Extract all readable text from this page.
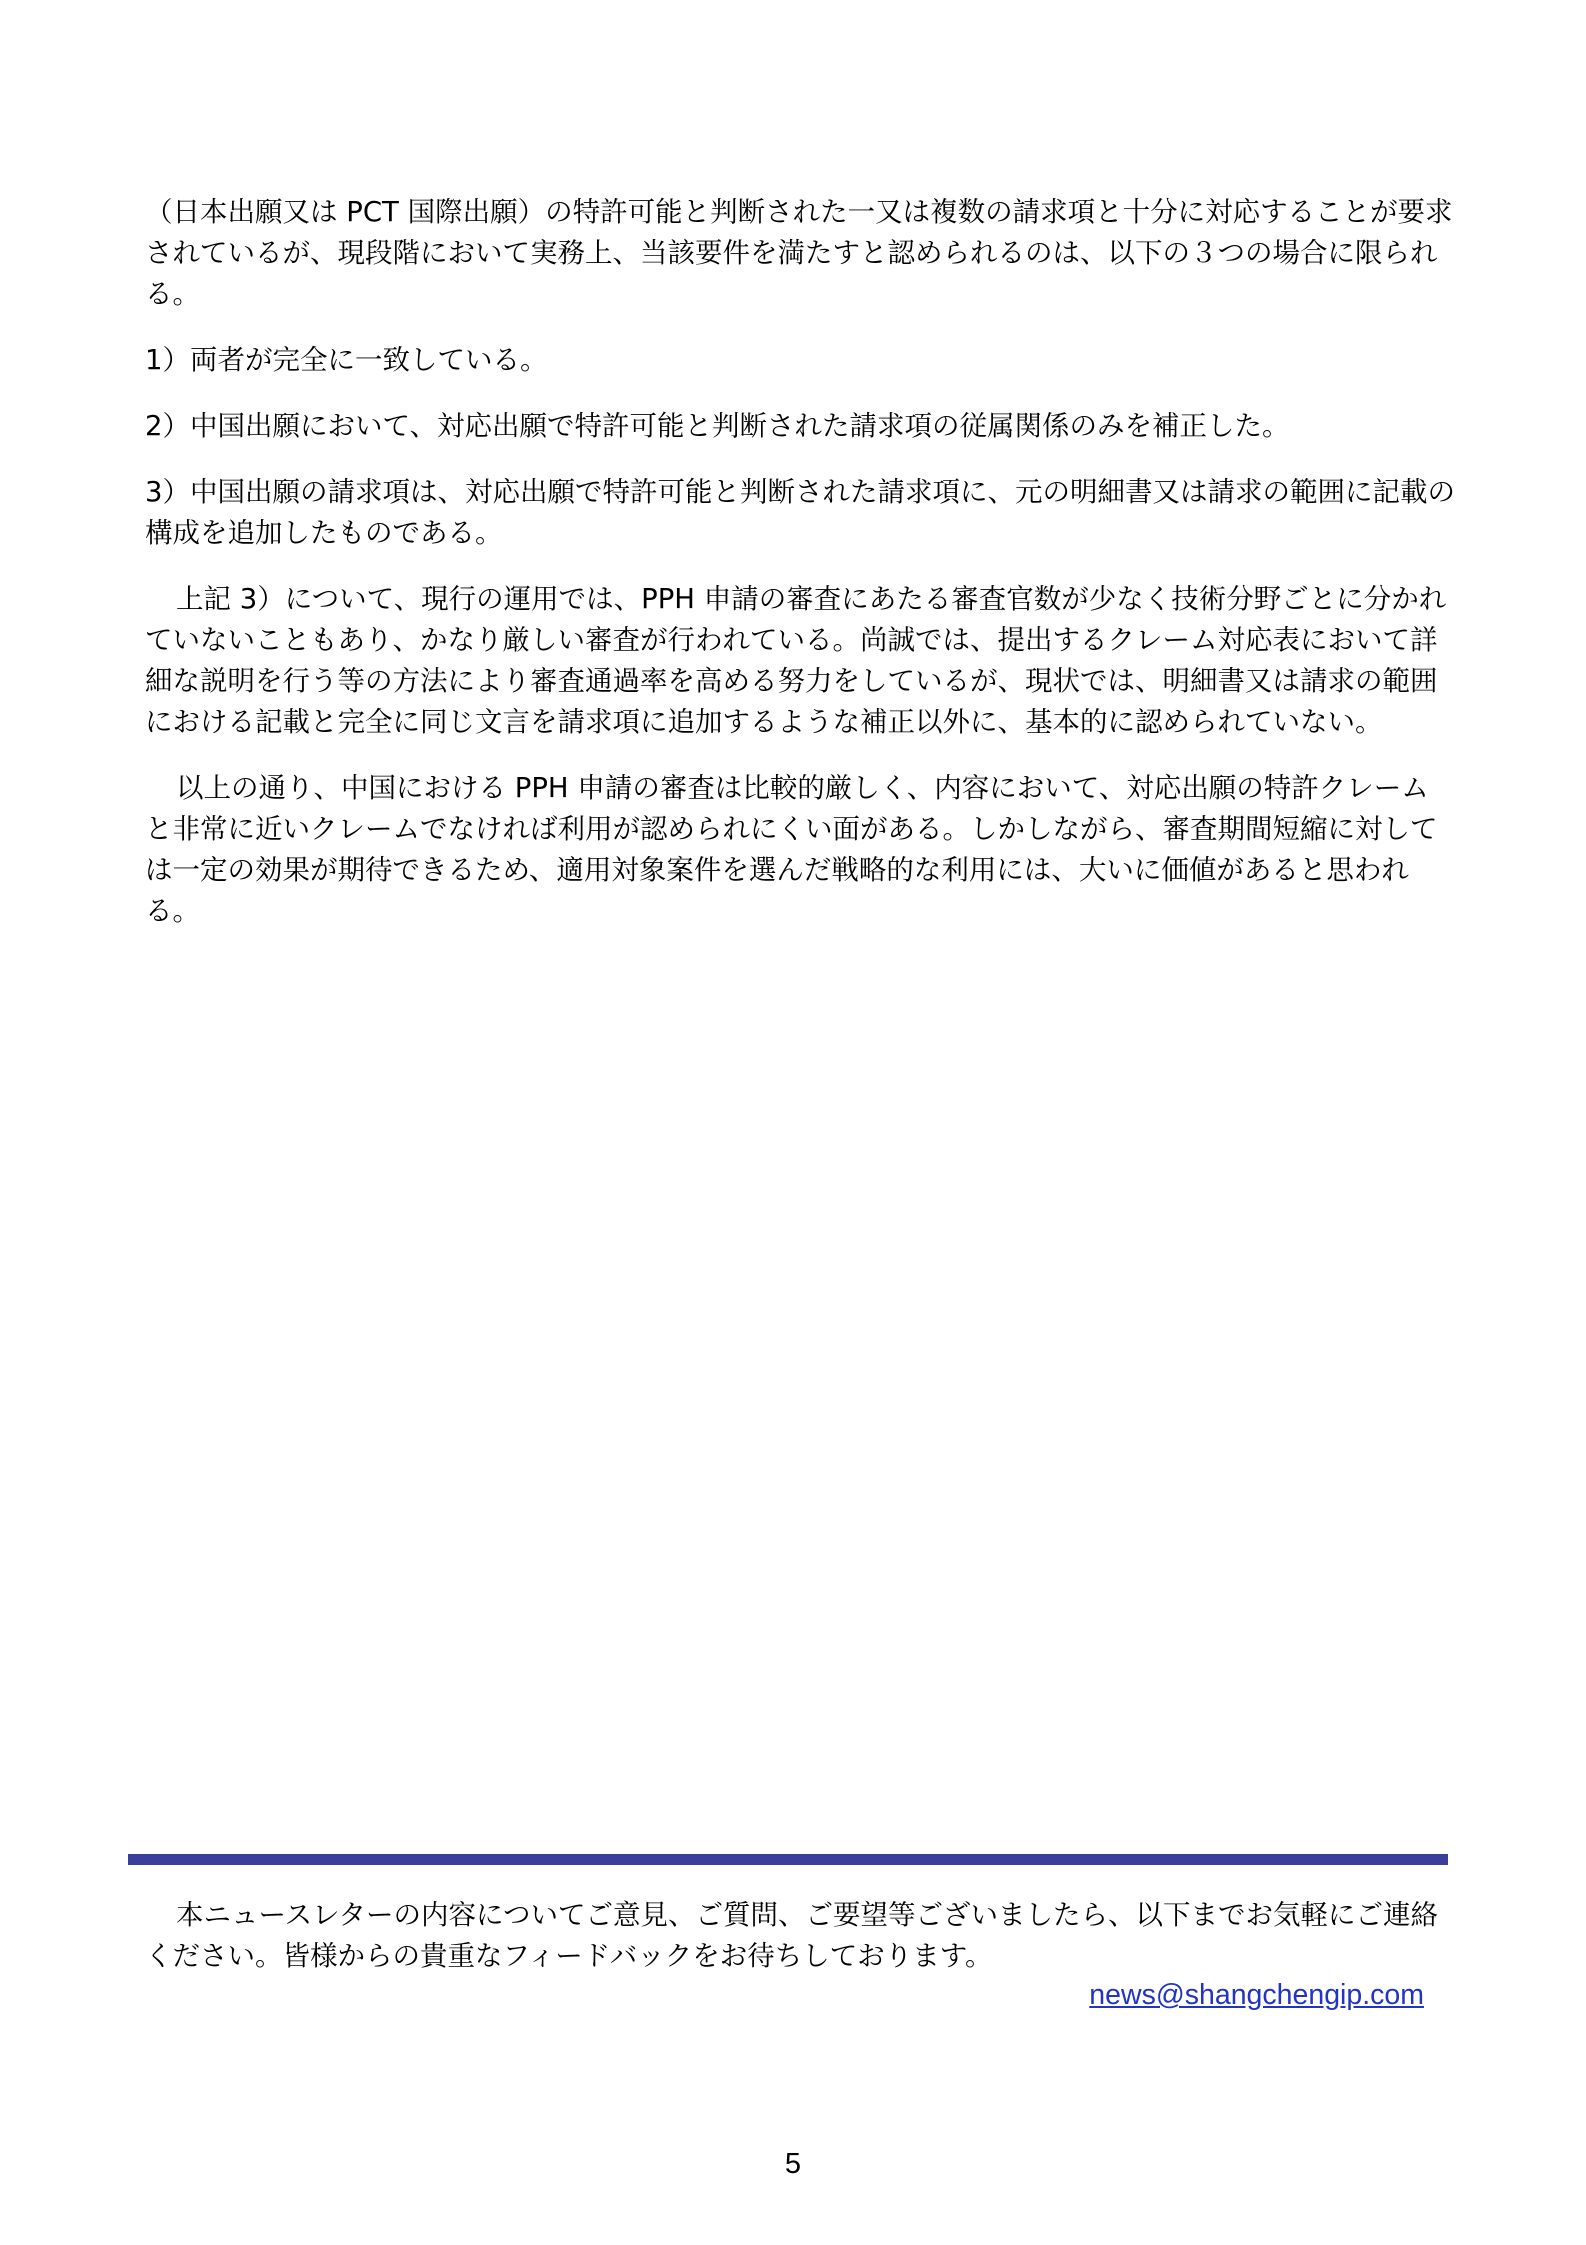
（日本出願又は PCT 国際出願）の特許可能と判断された一又は複数の請求項と十分に対応することが要求されているが、現段階において実務上、当該要件を満たすと認められるのは、以下の３つの場合に限られる。

1）両者が完全に一致している。

2）中国出願において、対応出願で特許可能と判断された請求項の従属関係のみを補正した。

3）中国出願の請求項は、対応出願で特許可能と判断された請求項に、元の明細書又は請求の範囲に記載の構成を追加したものである。

上記 3）について、現行の運用では、PPH 申請の審査にあたる審査官数が少なく技術分野ごとに分かれていないこともあり、かなり厳しい審査が行われている。尚誠では、提出するクレーム対応表において詳細な説明を行う等の方法により審査通過率を高める努力をしているが、現状では、明細書又は請求の範囲における記載と完全に同じ文言を請求項に追加するような補正以外に、基本的に認められていない。

以上の通り、中国における PPH 申請の審査は比較的厳しく、内容において、対応出願の特許クレームと非常に近いクレームでなければ利用が認められにくい面がある。しかしながら、審査期間短縮に対しては一定の効果が期待できるため、適用対象案件を選んだ戦略的な利用には、大いに価値があると思われる。

本ニュースレターの内容についてご意見、ご質問、ご要望等ございましたら、以下までお気軽にご連絡ください。皆様からの貴重なフィードバックをお待ちしております。

news@shangchengip.com
5
